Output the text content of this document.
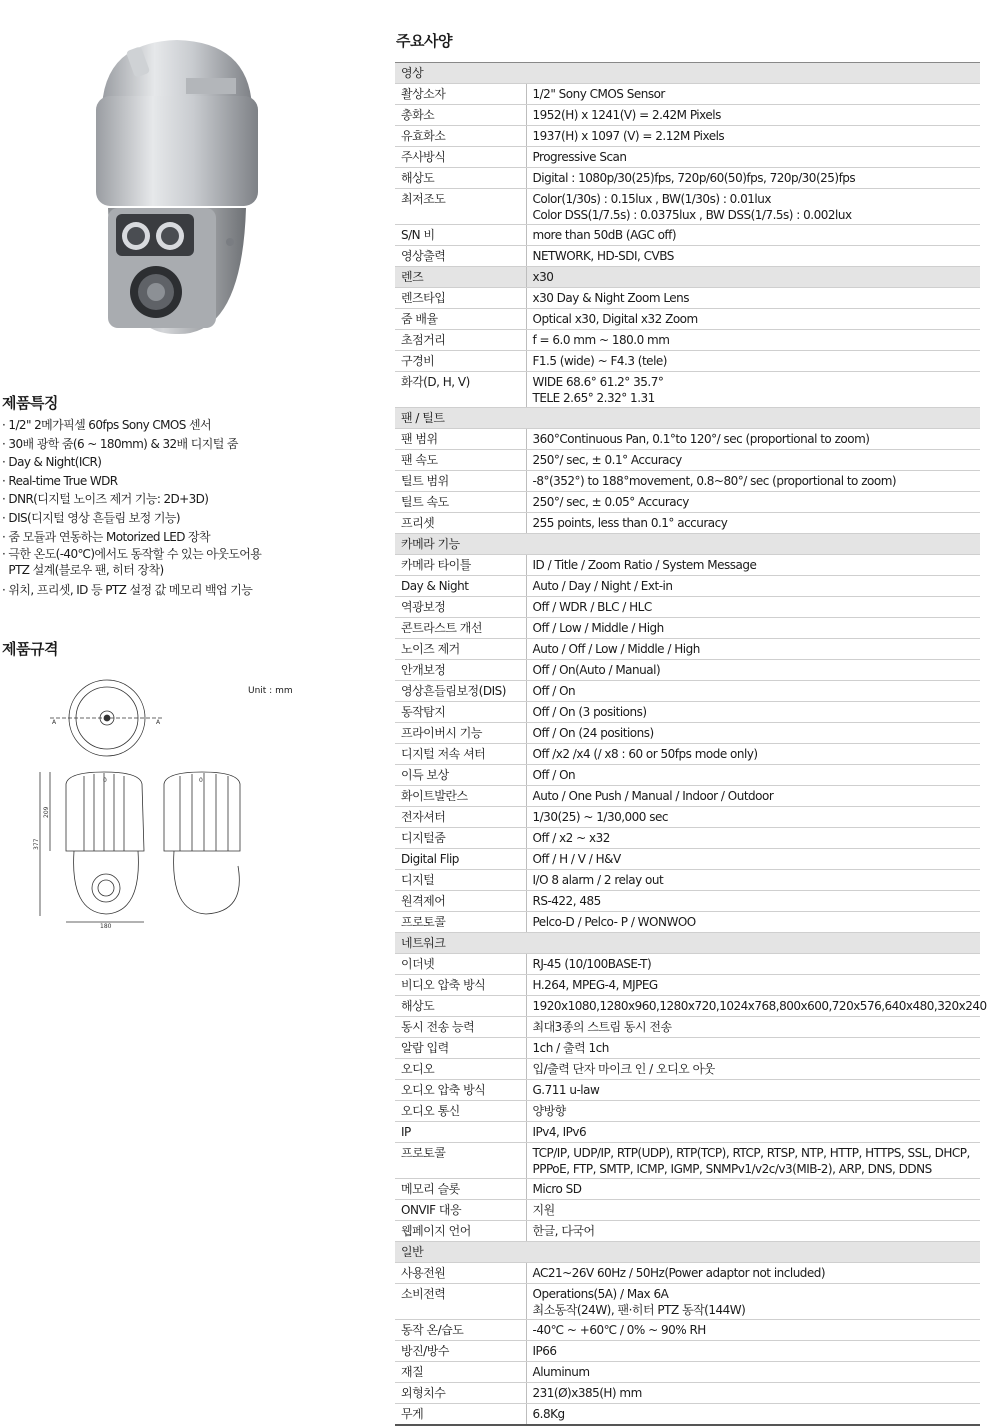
제품특징
· 1/2" 2메가픽셀 60fps Sony CMOS 센서
· 30배 광학 줌(6 ~ 180mm) & 32배 디지털 줌
· Day & Night(ICR)
· Real-time True WDR
· DNR(디지털 노이즈 제거 기능: 2D+3D)
· DIS(디지털 영상 흔들림 보정 기능)
· 줌 모듈과 연동하는 Motorized LED 장착
· 극한 온도(-40℃)에서도 동작할 수 있는 아웃도어용
PTZ 설계(블로우 팬, 히터 장착)
· 위치, 프리셋, ID 등 PTZ 설정 값 메모리 백업 기능
제품규격
Unit : mm
A	A
0	0
377
209
180
주요사양
영상	
촬상소자	1/2" Sony CMOS Sensor

총화소	1952(H) x 1241(V) = 2.42M Pixels

유효화소	1937(H) x 1097 (V) = 2.12M Pixels

주사방식	Progressive Scan

해상도	Digital : 1080p/30(25)fps, 720p/60(50)fps, 720p/30(25)fps

최저조도	Color(1/30s) : 0.15lux , BW(1/30s) : 0.01lux
Color DSS(1/7.5s) : 0.0375lux , BW DSS(1/7.5s) : 0.002lux

S/N 비	more than 50dB (AGC off)

영상출력	NETWORK, HD-SDI, CVBS

렌즈	x30

렌즈타입	x30 Day & Night Zoom Lens

줌 배율	Optical x30, Digital x32 Zoom

초점거리	f = 6.0 mm ~ 180.0 mm

구경비	F1.5 (wide) ~ F4.3 (tele)

화각(D, H, V)	WIDE 68.6° 61.2° 35.7°
TELE 2.65° 2.32° 1.31

팬 / 틸트	
팬 범위	360°Continuous Pan, 0.1°to 120°/ sec (proportional to zoom)

팬 속도	250°/ sec, ± 0.1° Accuracy

틸트 범위	-8°(352°) to 188°movement, 0.8~80°/ sec (proportional to zoom)

틸트 속도	250°/ sec, ± 0.05° Accuracy

프리셋	255 points, less than 0.1° accuracy

카메라 기능	
카메라 타이틀	ID / Title / Zoom Ratio / System Message

Day & Night	Auto / Day / Night / Ext-in

역광보정	Off / WDR / BLC / HLC

콘트라스트 개선	Off / Low / Middle / High

노이즈 제거	Auto / Off / Low / Middle / High

안개보정	Off / On(Auto / Manual)

영상흔들림보정(DIS)	Off / On

동작탐지	Off / On (3 positions)

프라이버시 기능	Off / On (24 positions)

디지털 저속 셔터	Off /x2 /x4 (/ x8 : 60 or 50fps mode only)

이득 보상	Off / On

화이트발란스	Auto / One Push / Manual / Indoor / Outdoor

전자셔터	1/30(25) ~ 1/30,000 sec

디지털줌	Off / x2 ~ x32

Digital Flip	Off / H / V / H&V

디지털	I/O 8 alarm / 2 relay out

원격제어	RS-422, 485

프로토콜	Pelco-D / Pelco- P / WONWOO

네트워크	
이더넷	RJ-45 (10/100BASE-T)

비디오 압축 방식	H.264, MPEG-4, MJPEG

해상도	1920x1080,1280x960,1280x720,1024x768,800x600,720x576,640x480,320x240

동시 전송 능력	최대3종의 스트림 동시 전송

알람 입력	1ch / 출력 1ch

오디오	입/출력 단자 마이크 인 / 오디오 아웃

오디오 압축 방식	G.711 u-law

오디오 통신	양방향

IP	IPv4, IPv6

프로토콜	TCP/IP, UDP/IP, RTP(UDP), RTP(TCP), RTCP, RTSP, NTP, HTTP, HTTPS, SSL, DHCP,
PPPoE, FTP, SMTP, ICMP, IGMP, SNMPv1/v2c/v3(MIB-2), ARP, DNS, DDNS

메모리 슬롯	Micro SD

ONVIF 대응	지원

웹페이지 언어	한글, 다국어

일반	
사용전원	AC21~26V 60Hz / 50Hz(Power adaptor not included)

소비전력	Operations(5A) / Max 6A
최소동작(24W), 팬·히터 PTZ 동작(144W)

동작 온/습도	-40℃ ~ +60℃ / 0% ~ 90% RH

방진/방수	IP66

재질	Aluminum

외형치수	231(Ø)x385(H) mm

무게	6.8Kg
